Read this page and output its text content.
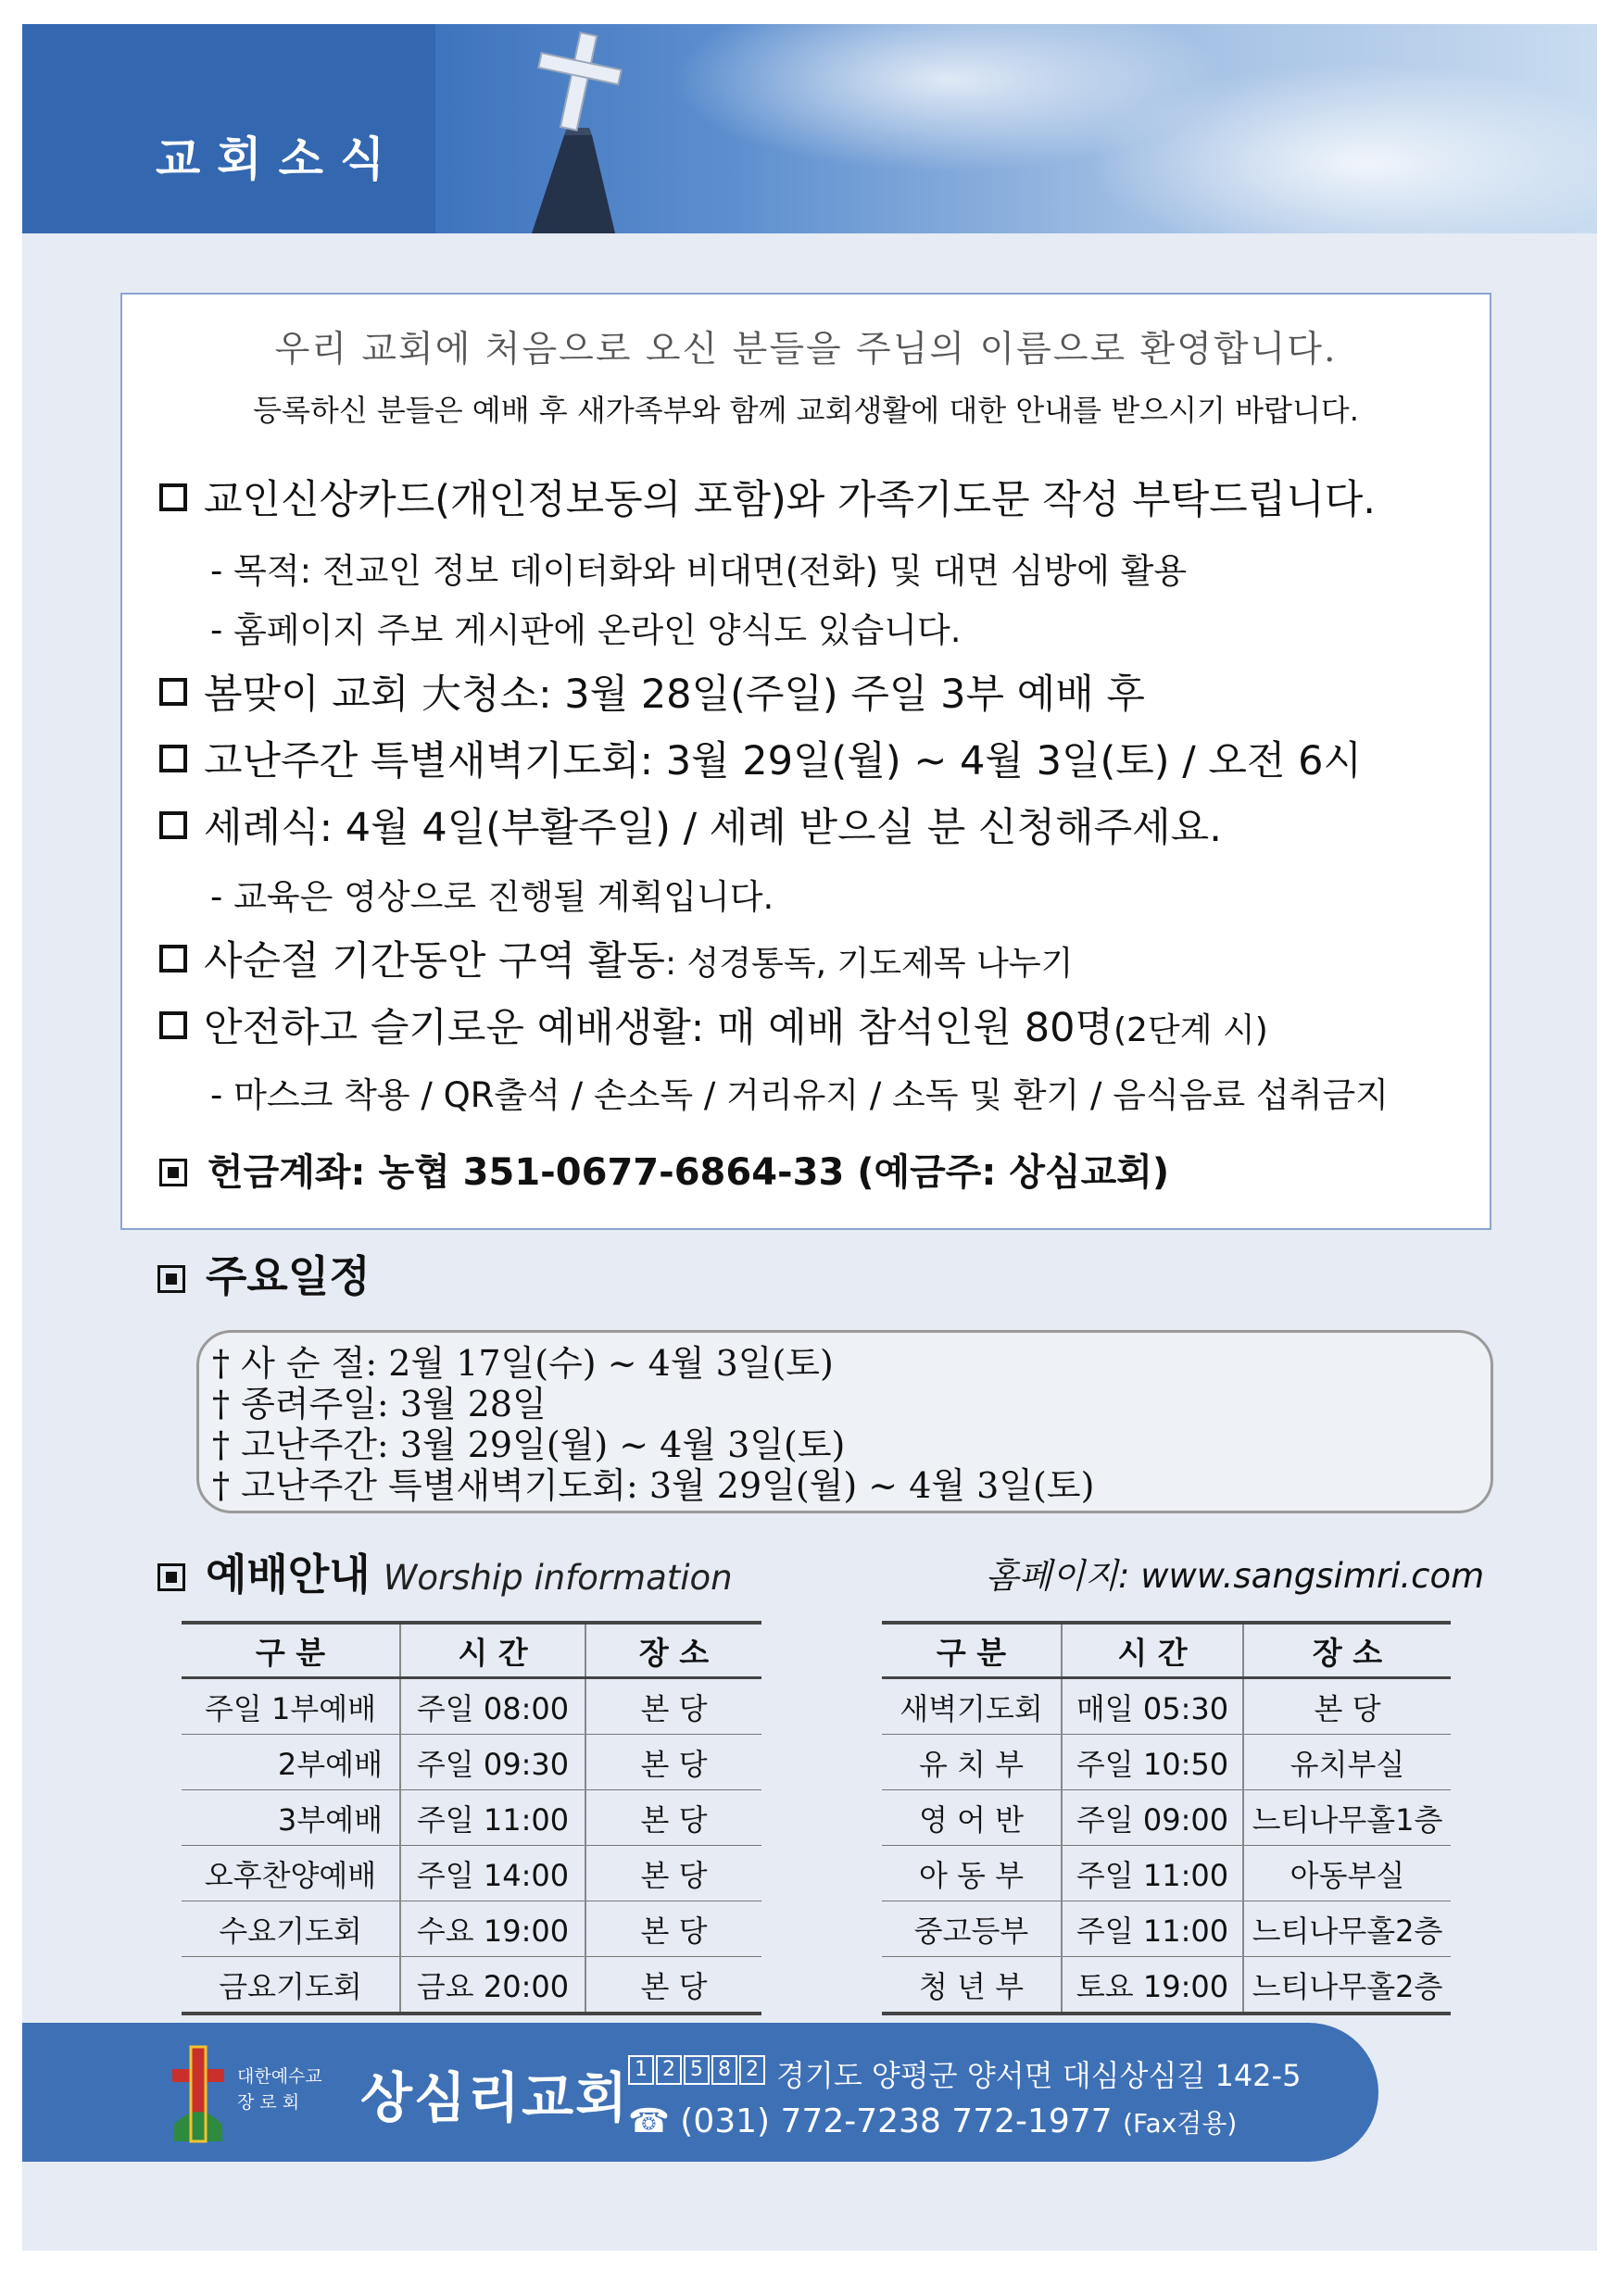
교회소식
우리 교회에 처음으로 오신 분들을 주님의 이름으로 환영합니다.
등록하신 분들은 예배 후 새가족부와 함께 교회생활에 대한 안내를 받으시기 바랍니다.
교인신상카드(개인정보동의 포함)와 가족기도문 작성 부탁드립니다.
- 목적: 전교인 정보 데이터화와 비대면(전화) 및 대면 심방에 활용
- 홈페이지 주보 게시판에 온라인 양식도 있습니다.
봄맞이 교회 大청소: 3월 28일(주일) 주일 3부 예배 후
고난주간 특별새벽기도회: 3월 29일(월) ~ 4월 3일(토) / 오전 6시
세례식: 4월 4일(부활주일) / 세례 받으실 분 신청해주세요.
- 교육은 영상으로 진행될 계획입니다.
사순절 기간동안 구역 활동: 성경통독, 기도제목 나누기
안전하고 슬기로운 예배생활: 매 예배 참석인원 80명(2단계 시)
- 마스크 착용 / QR출석 / 손소독 / 거리유지 / 소독 및 환기 / 음식음료 섭취금지
헌금계좌: 농협 351-0677-6864-33 (예금주: 상심교회)
주요일정
† 사 순 절: 2월 17일(수) ~ 4월 3일(토)
† 종려주일: 3월 28일
† 고난주간: 3월 29일(월) ~ 4월 3일(토)
† 고난주간 특별새벽기도회: 3월 29일(월) ~ 4월 3일(토)
예배안내 Worship information	홈페이지: www.sangsimri.com
구 분	시 간	장 소
주일 1부예배	주일 08:00	본 당
2부예배	주일 09:30	본 당
3부예배	주일 11:00	본 당
오후찬양예배	주일 14:00	본 당
수요기도회	수요 19:00	본 당
금요기도회	금요 20:00	본 당
구 분	시 간	장 소
새벽기도회	매일 05:30	본 당
유 치 부	주일 10:50	유치부실
영 어 반	주일 09:00	느티나무홀1층
아 동 부	주일 11:00	아동부실
중고등부	주일 11:00	느티나무홀2층
청 년 부	토요 19:00	느티나무홀2층
대한예수교
장 로 회	상심리교회 1 2 5 8 2 경기도 양평군 양서면 대심상심길 142-5
☎ (031) 772-7238 772-1977 (Fax겸용)
